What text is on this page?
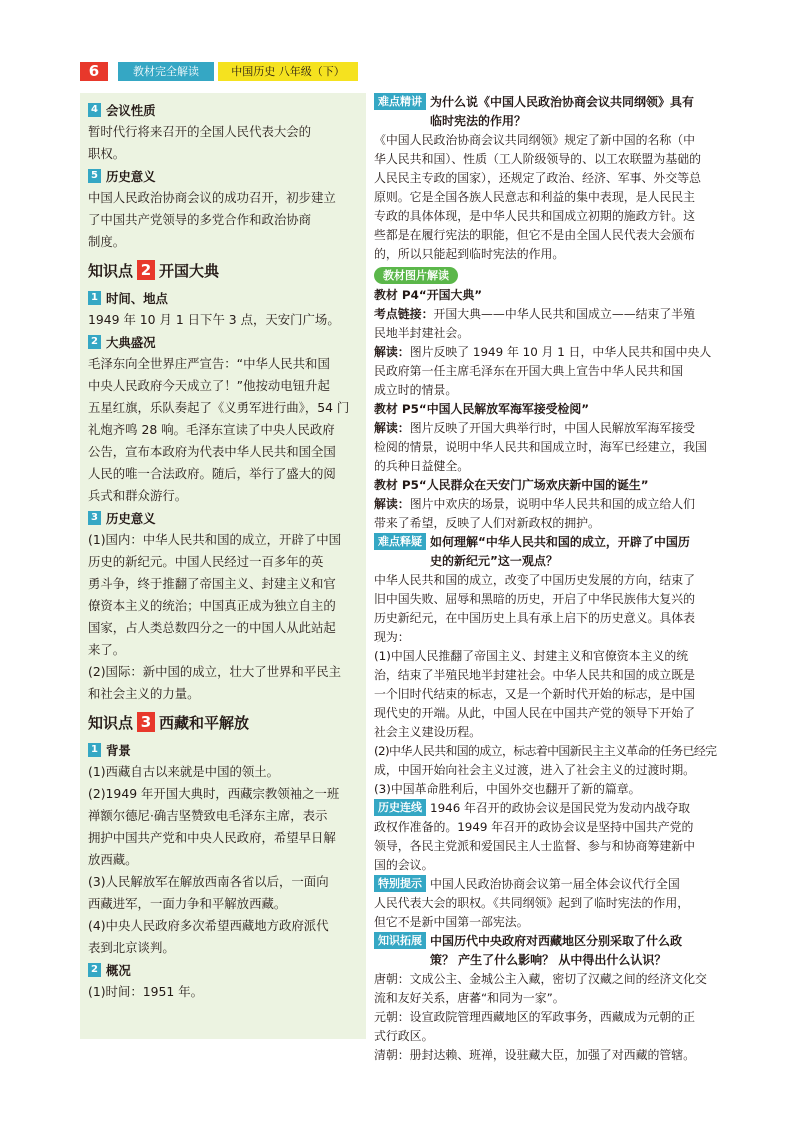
6	教材完全解读	中国历史 八年级（下）
4 会议性质

暂时代行将来召开的全国人民代表大会的

职权。

5 历史意义

中国人民政治协商会议的成功召开，初步建立

了中国共产党领导的多党合作和政治协商

制度。

知识点 2 开国大典
1 时间、地点

1949 年 10 月 1 日下午 3 点，天安门广场。

2 大典盛况

毛泽东向全世界庄严宣告：“中华人民共和国

中央人民政府今天成立了！”他按动电钮升起

五星红旗，乐队奏起了《义勇军进行曲》，54 门

礼炮齐鸣 28 响。毛泽东宣读了中央人民政府

公告，宣布本政府为代表中华人民共和国全国

人民的唯一合法政府。随后，举行了盛大的阅

兵式和群众游行。

3 历史意义

(1)国内：中华人民共和国的成立，开辟了中国

历史的新纪元。中国人民经过一百多年的英

勇斗争，终于推翻了帝国主义、封建主义和官

僚资本主义的统治；中国真正成为独立自主的

国家，占人类总数四分之一的中国人从此站起

来了。

(2)国际：新中国的成立，壮大了世界和平民主

和社会主义的力量。

知识点 3 西藏和平解放
1 背景

(1)西藏自古以来就是中国的领土。

(2)1949 年开国大典时，西藏宗教领袖之一班

禅额尔德尼·确吉坚赞致电毛泽东主席，表示

拥护中国共产党和中央人民政府，希望早日解

放西藏。

(3)人民解放军在解放西南各省以后，一面向

西藏进军，一面力争和平解放西藏。

(4)中央人民政府多次希望西藏地方政府派代

表到北京谈判。

2 概况

(1)时间：1951 年。

难点精讲 为什么说《中国人民政治协商会议共同纲领》具有

临时宪法的作用？

《中国人民政治协商会议共同纲领》规定了新中国的名称（中

华人民共和国）、性质（工人阶级领导的、以工农联盟为基础的

人民民主专政的国家），还规定了政治、经济、军事、外交等总

原则。它是全国各族人民意志和利益的集中表现，是人民民主

专政的具体体现，是中华人民共和国成立初期的施政方针。这

些都是在履行宪法的职能，但它不是由全国人民代表大会颁布

的，所以只能起到临时宪法的作用。

教材图片解读

教材 P4“开国大典”

考点链接：开国大典——中华人民共和国成立——结束了半殖

民地半封建社会。

解读：图片反映了 1949 年 10 月 1 日，中华人民共和国中央人

民政府第一任主席毛泽东在开国大典上宣告中华人民共和国

成立时的情景。

教材 P5“中国人民解放军海军接受检阅”

解读：图片反映了开国大典举行时，中国人民解放军海军接受

检阅的情景，说明中华人民共和国成立时，海军已经建立，我国

的兵种日益健全。

教材 P5“人民群众在天安门广场欢庆新中国的诞生”

解读：图片中欢庆的场景，说明中华人民共和国的成立给人们

带来了希望，反映了人们对新政权的拥护。

难点释疑 如何理解“中华人民共和国的成立，开辟了中国历

史的新纪元”这一观点？

中华人民共和国的成立，改变了中国历史发展的方向，结束了

旧中国失败、屈辱和黑暗的历史，开启了中华民族伟大复兴的

历史新纪元，在中国历史上具有承上启下的历史意义。具体表

现为：

(1)中国人民推翻了帝国主义、封建主义和官僚资本主义的统

治，结束了半殖民地半封建社会。中华人民共和国的成立既是

一个旧时代结束的标志，又是一个新时代开始的标志，是中国

现代史的开端。从此，中国人民在中国共产党的领导下开始了

社会主义建设历程。

(2)中华人民共和国的成立，标志着中国新民主主义革命的任务已经完

成，中国开始向社会主义过渡，进入了社会主义的过渡时期。

(3)中国革命胜利后，中国外交也翻开了新的篇章。

历史连线 1946 年召开的政协会议是国民党为发动内战夺取

政权作准备的。1949 年召开的政协会议是坚持中国共产党的

领导，各民主党派和爱国民主人士监督、参与和协商筹建新中

国的会议。

特别提示 中国人民政治协商会议第一届全体会议代行全国

人民代表大会的职权。《共同纲领》起到了临时宪法的作用，

但它不是新中国第一部宪法。

知识拓展 中国历代中央政府对西藏地区分别采取了什么政

策？ 产生了什么影响？ 从中得出什么认识？

唐朝：文成公主、金城公主入藏，密切了汉藏之间的经济文化交

流和友好关系，唐蕃“和同为一家”。

元朝：设宣政院管理西藏地区的军政事务，西藏成为元朝的正

式行政区。

清朝：册封达赖、班禅，设驻藏大臣，加强了对西藏的管辖。
